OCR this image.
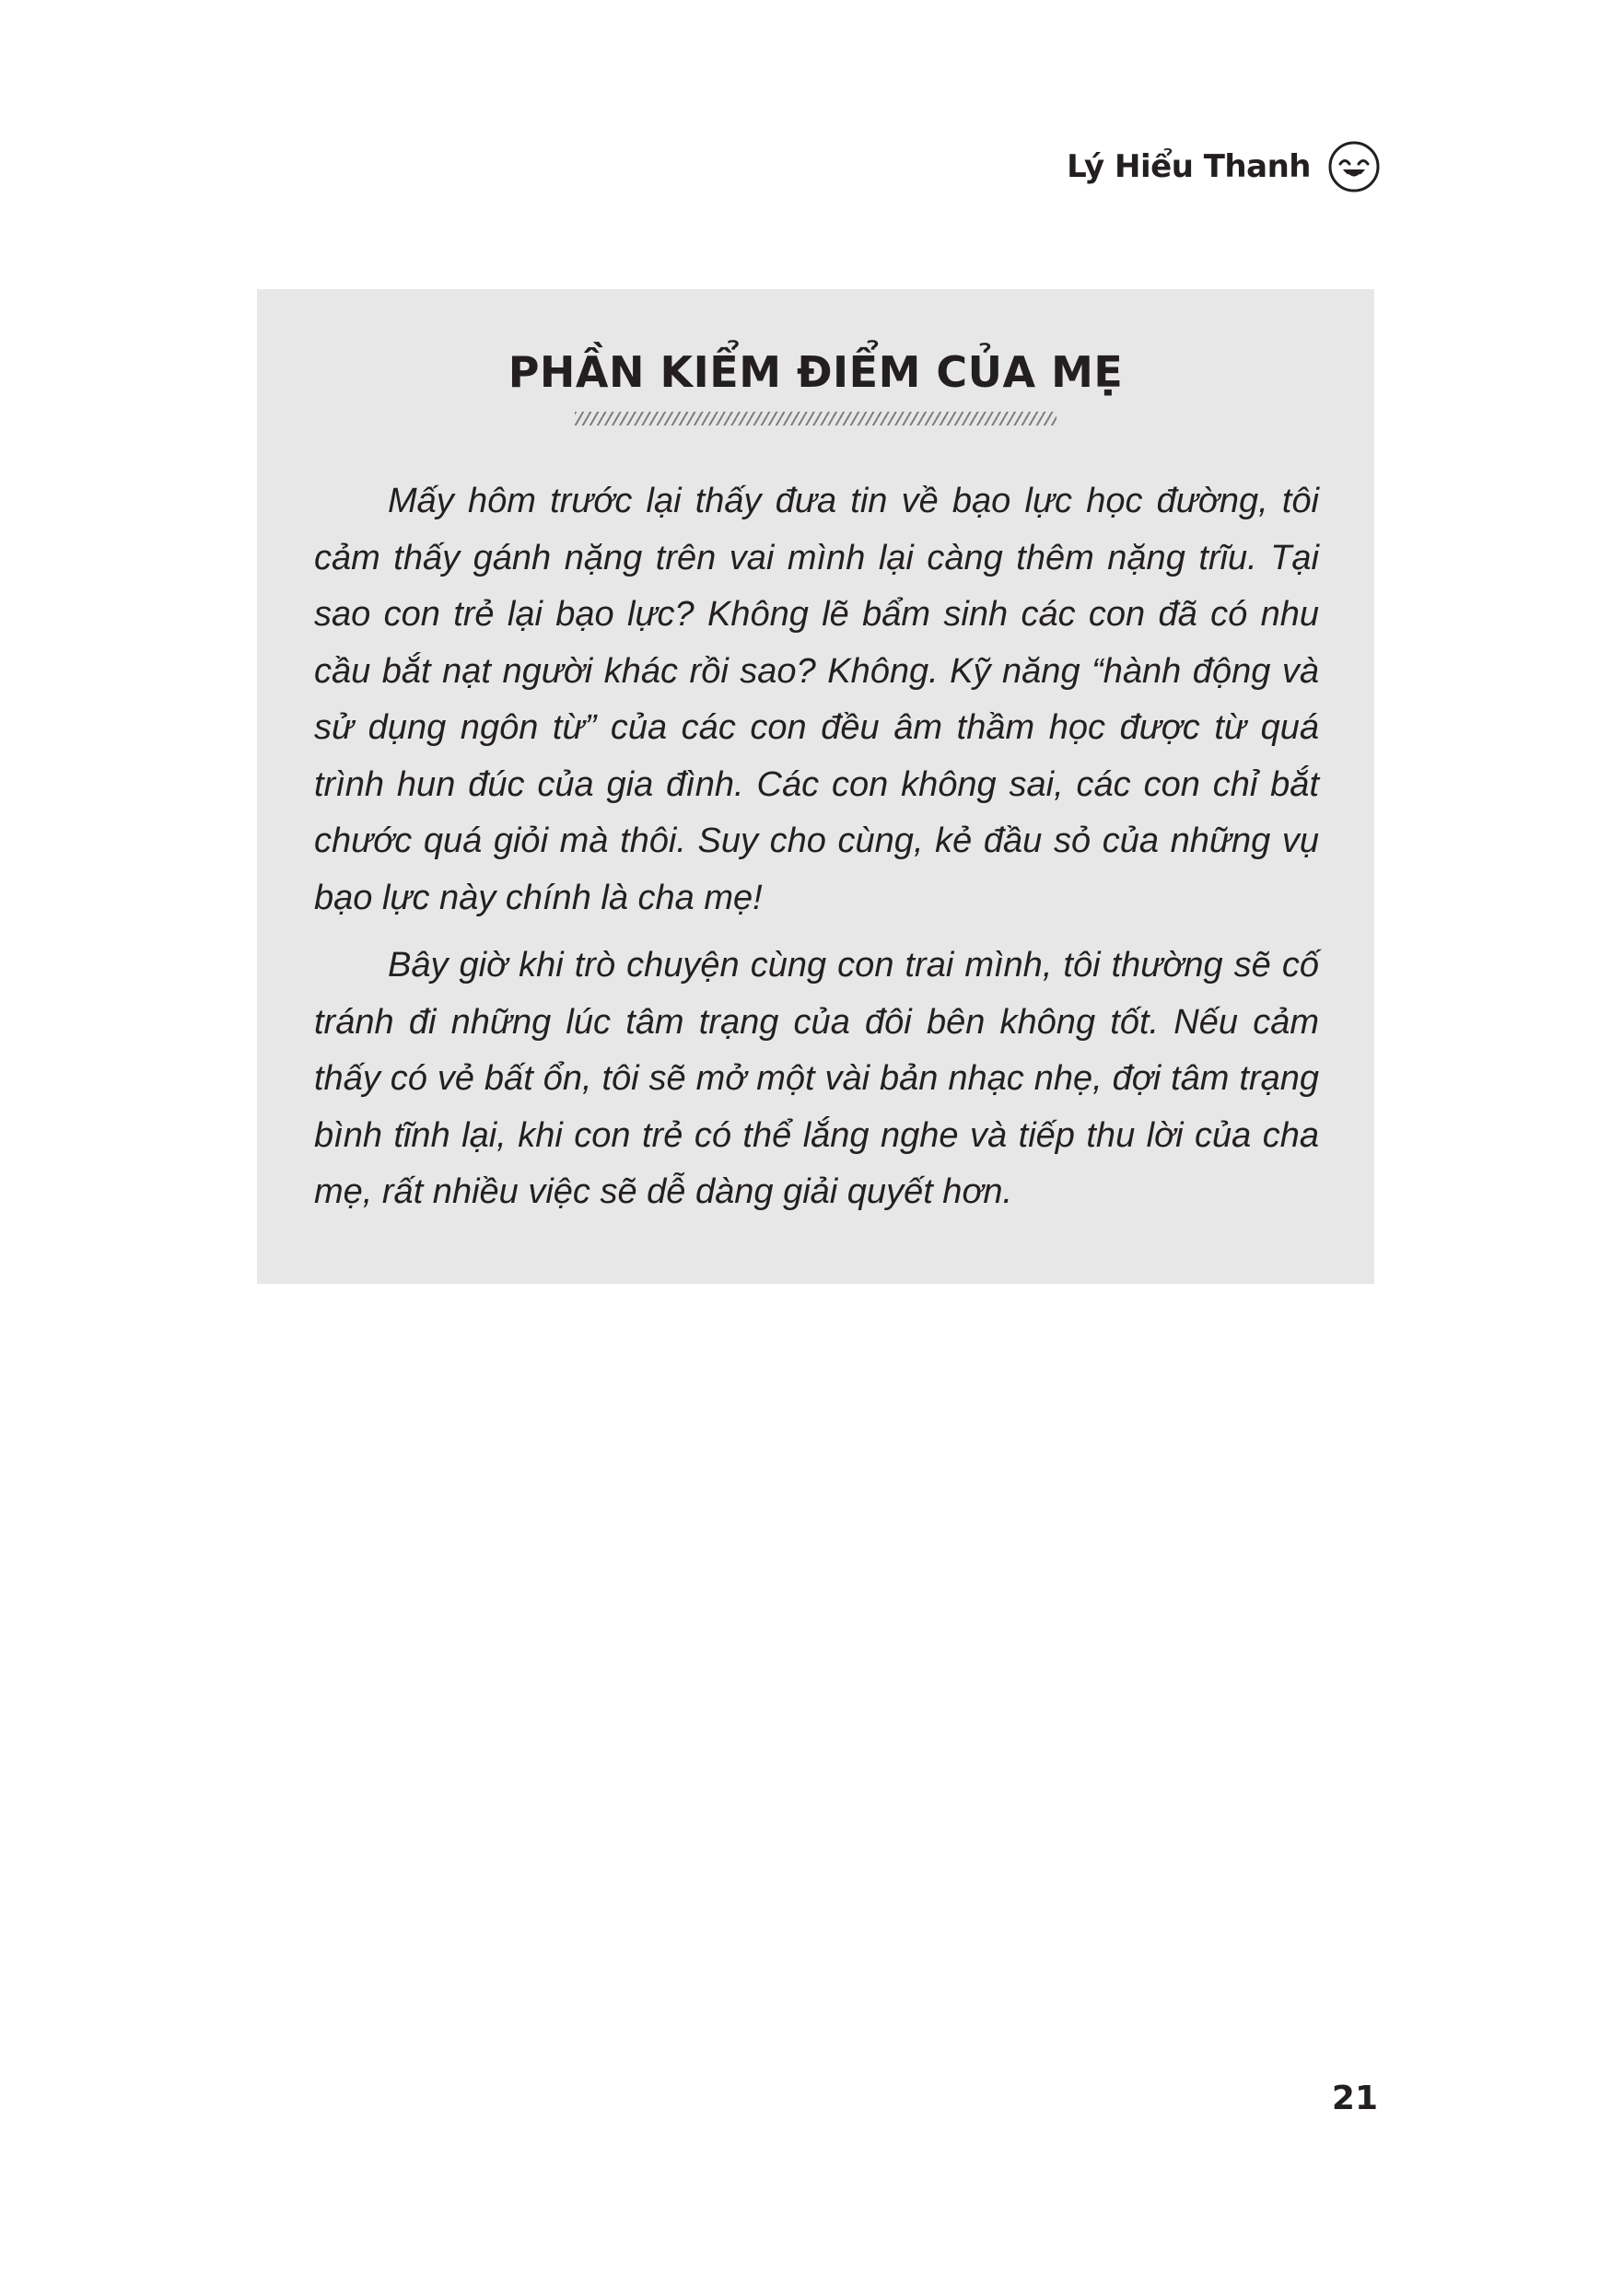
Lý Hiểu Thanh
PHẦN KIỂM ĐIỂM CỦA MẸ

Mấy hôm trước lại thấy đưa tin về bạo lực học đường, tôi cảm thấy gánh nặng trên vai mình lại càng thêm nặng trĩu. Tại sao con trẻ lại bạo lực? Không lẽ bẩm sinh các con đã có nhu cầu bắt nạt người khác rồi sao? Không. Kỹ năng “hành động và sử dụng ngôn từ” của các con đều âm thầm học được từ quá trình hun đúc của gia đình. Các con không sai, các con chỉ bắt chước quá giỏi mà thôi. Suy cho cùng, kẻ đầu sỏ của những vụ bạo lực này chính là cha mẹ!

Bây giờ khi trò chuyện cùng con trai mình, tôi thường sẽ cố tránh đi những lúc tâm trạng của đôi bên không tốt. Nếu cảm thấy có vẻ bất ổn, tôi sẽ mở một vài bản nhạc nhẹ, đợi tâm trạng bình tĩnh lại, khi con trẻ có thể lắng nghe và tiếp thu lời của cha mẹ, rất nhiều việc sẽ dễ dàng giải quyết hơn.

21
